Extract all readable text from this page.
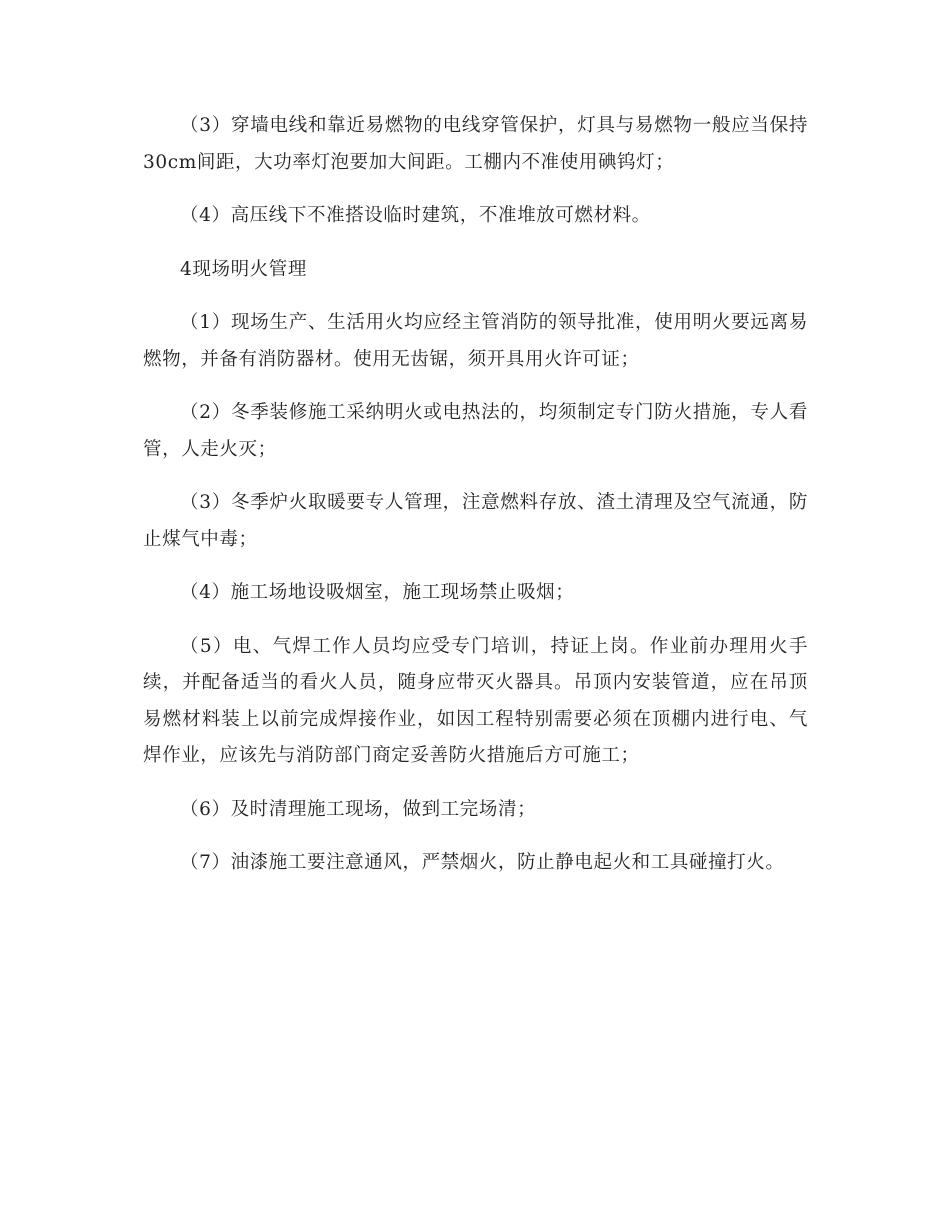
（3）穿墙电线和靠近易燃物的电线穿管保护，灯具与易燃物一般应当保持30cm间距，大功率灯泡要加大间距。工棚内不准使用碘钨灯；

（4）高压线下不准搭设临时建筑，不准堆放可燃材料。

4现场明火管理

（1）现场生产、生活用火均应经主管消防的领导批准，使用明火要远离易燃物，并备有消防器材。使用无齿锯，须开具用火许可证；

（2）冬季装修施工采纳明火或电热法的，均须制定专门防火措施，专人看管，人走火灭；

（3）冬季炉火取暖要专人管理，注意燃料存放、渣土清理及空气流通，防止煤气中毒；

（4）施工场地设吸烟室，施工现场禁止吸烟；

（5）电、气焊工作人员均应受专门培训，持证上岗。作业前办理用火手续，并配备适当的看火人员，随身应带灭火器具。吊顶内安装管道，应在吊顶易燃材料装上以前完成焊接作业，如因工程特别需要必须在顶棚内进行电、气焊作业，应该先与消防部门商定妥善防火措施后方可施工；

（6）及时清理施工现场，做到工完场清；

（7）油漆施工要注意通风，严禁烟火，防止静电起火和工具碰撞打火。
